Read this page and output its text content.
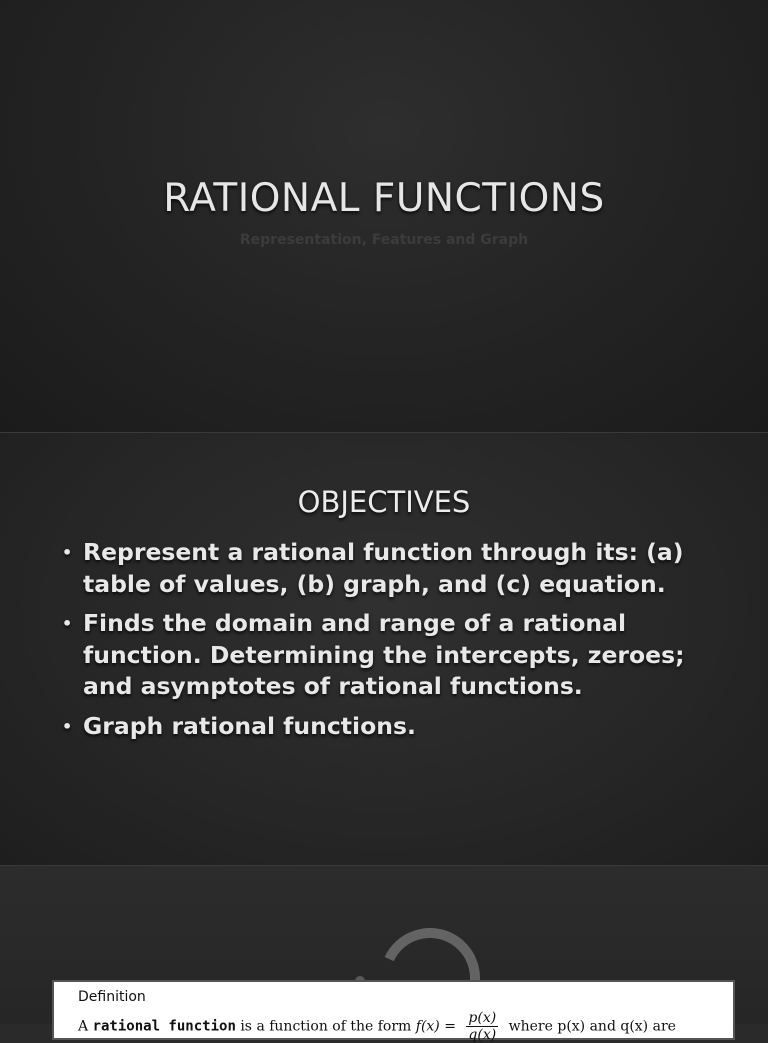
RATIONAL FUNCTIONS
Representation, Features and Graph
OBJECTIVES
• Represent a rational function through its: (a) table of values, (b) graph, and (c) equation.
• Finds the domain and range of a rational function. Determining the intercepts, zeroes; and asymptotes of rational functions.
• Graph rational functions.
Definition
A rational function is a function of the form $f(x) = \frac{p(x)}{q(x)}$ where p(x) and q(x) are
